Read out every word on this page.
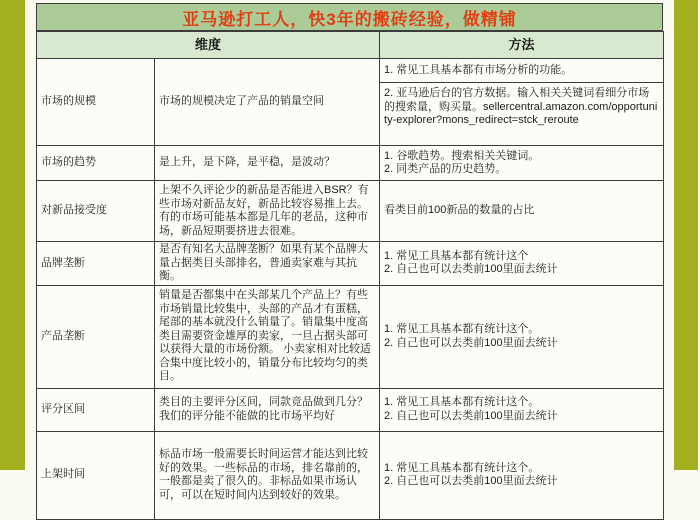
亚马逊打工人，快3年的搬砖经验，做精铺
维度		方法
市场的规模	市场的规模决定了产品的销量空间	1. 常见工具基本都有市场分析的功能。
2. 亚马逊后台的官方数据。输入相关关键词看细分市场的搜索量，购买量。sellercentral.amazon.com/opportunity-explorer?mons_redirect=stck_reroute

市场的趋势	是上升，是下降，是平稳，是波动？	1. 谷歌趋势。搜索相关关键词。
2. 同类产品的历史趋势。

对新品接受度	上架不久评论少的新品是否能进入BSR？有些市场对新品友好，新品比较容易推上去。有的市场可能基本都是几年的老品，这种市场，新品短期要挤进去很难。	看类目前100新品的数量的占比

品牌垄断	是否有知名大品牌垄断？如果有某个品牌大量占据类目头部排名，普通卖家难与其抗衡。	1. 常见工具基本都有统计这个
2. 自己也可以去类前100里面去统计

产品垄断	销量是否都集中在头部某几个产品上？有些市场销量比较集中，头部的产品才有蛋糕，尾部的基本就没什么销量了。销量集中度高类目需要资金雄厚的卖家，一旦占据头部可以获得大量的市场份额。 小卖家相对比较适合集中度比较小的，销量分布比较均匀的类目。	1. 常见工具基本都有统计这个。
2. 自己也可以去类前100里面去统计

评分区间	类目的主要评分区间，同款竞品做到几分？我们的评分能不能做的比市场平均好	1. 常见工具基本都有统计这个。
2. 自己也可以去类前100里面去统计

上架时间	标品市场一般需要长时间运营才能达到比较好的效果。一些标品的市场，排名靠前的，一般都是卖了很久的。非标品如果市场认可，可以在短时间内达到较好的效果。	1. 常见工具基本都有统计这个。
2. 自己也可以去类前100里面去统计
